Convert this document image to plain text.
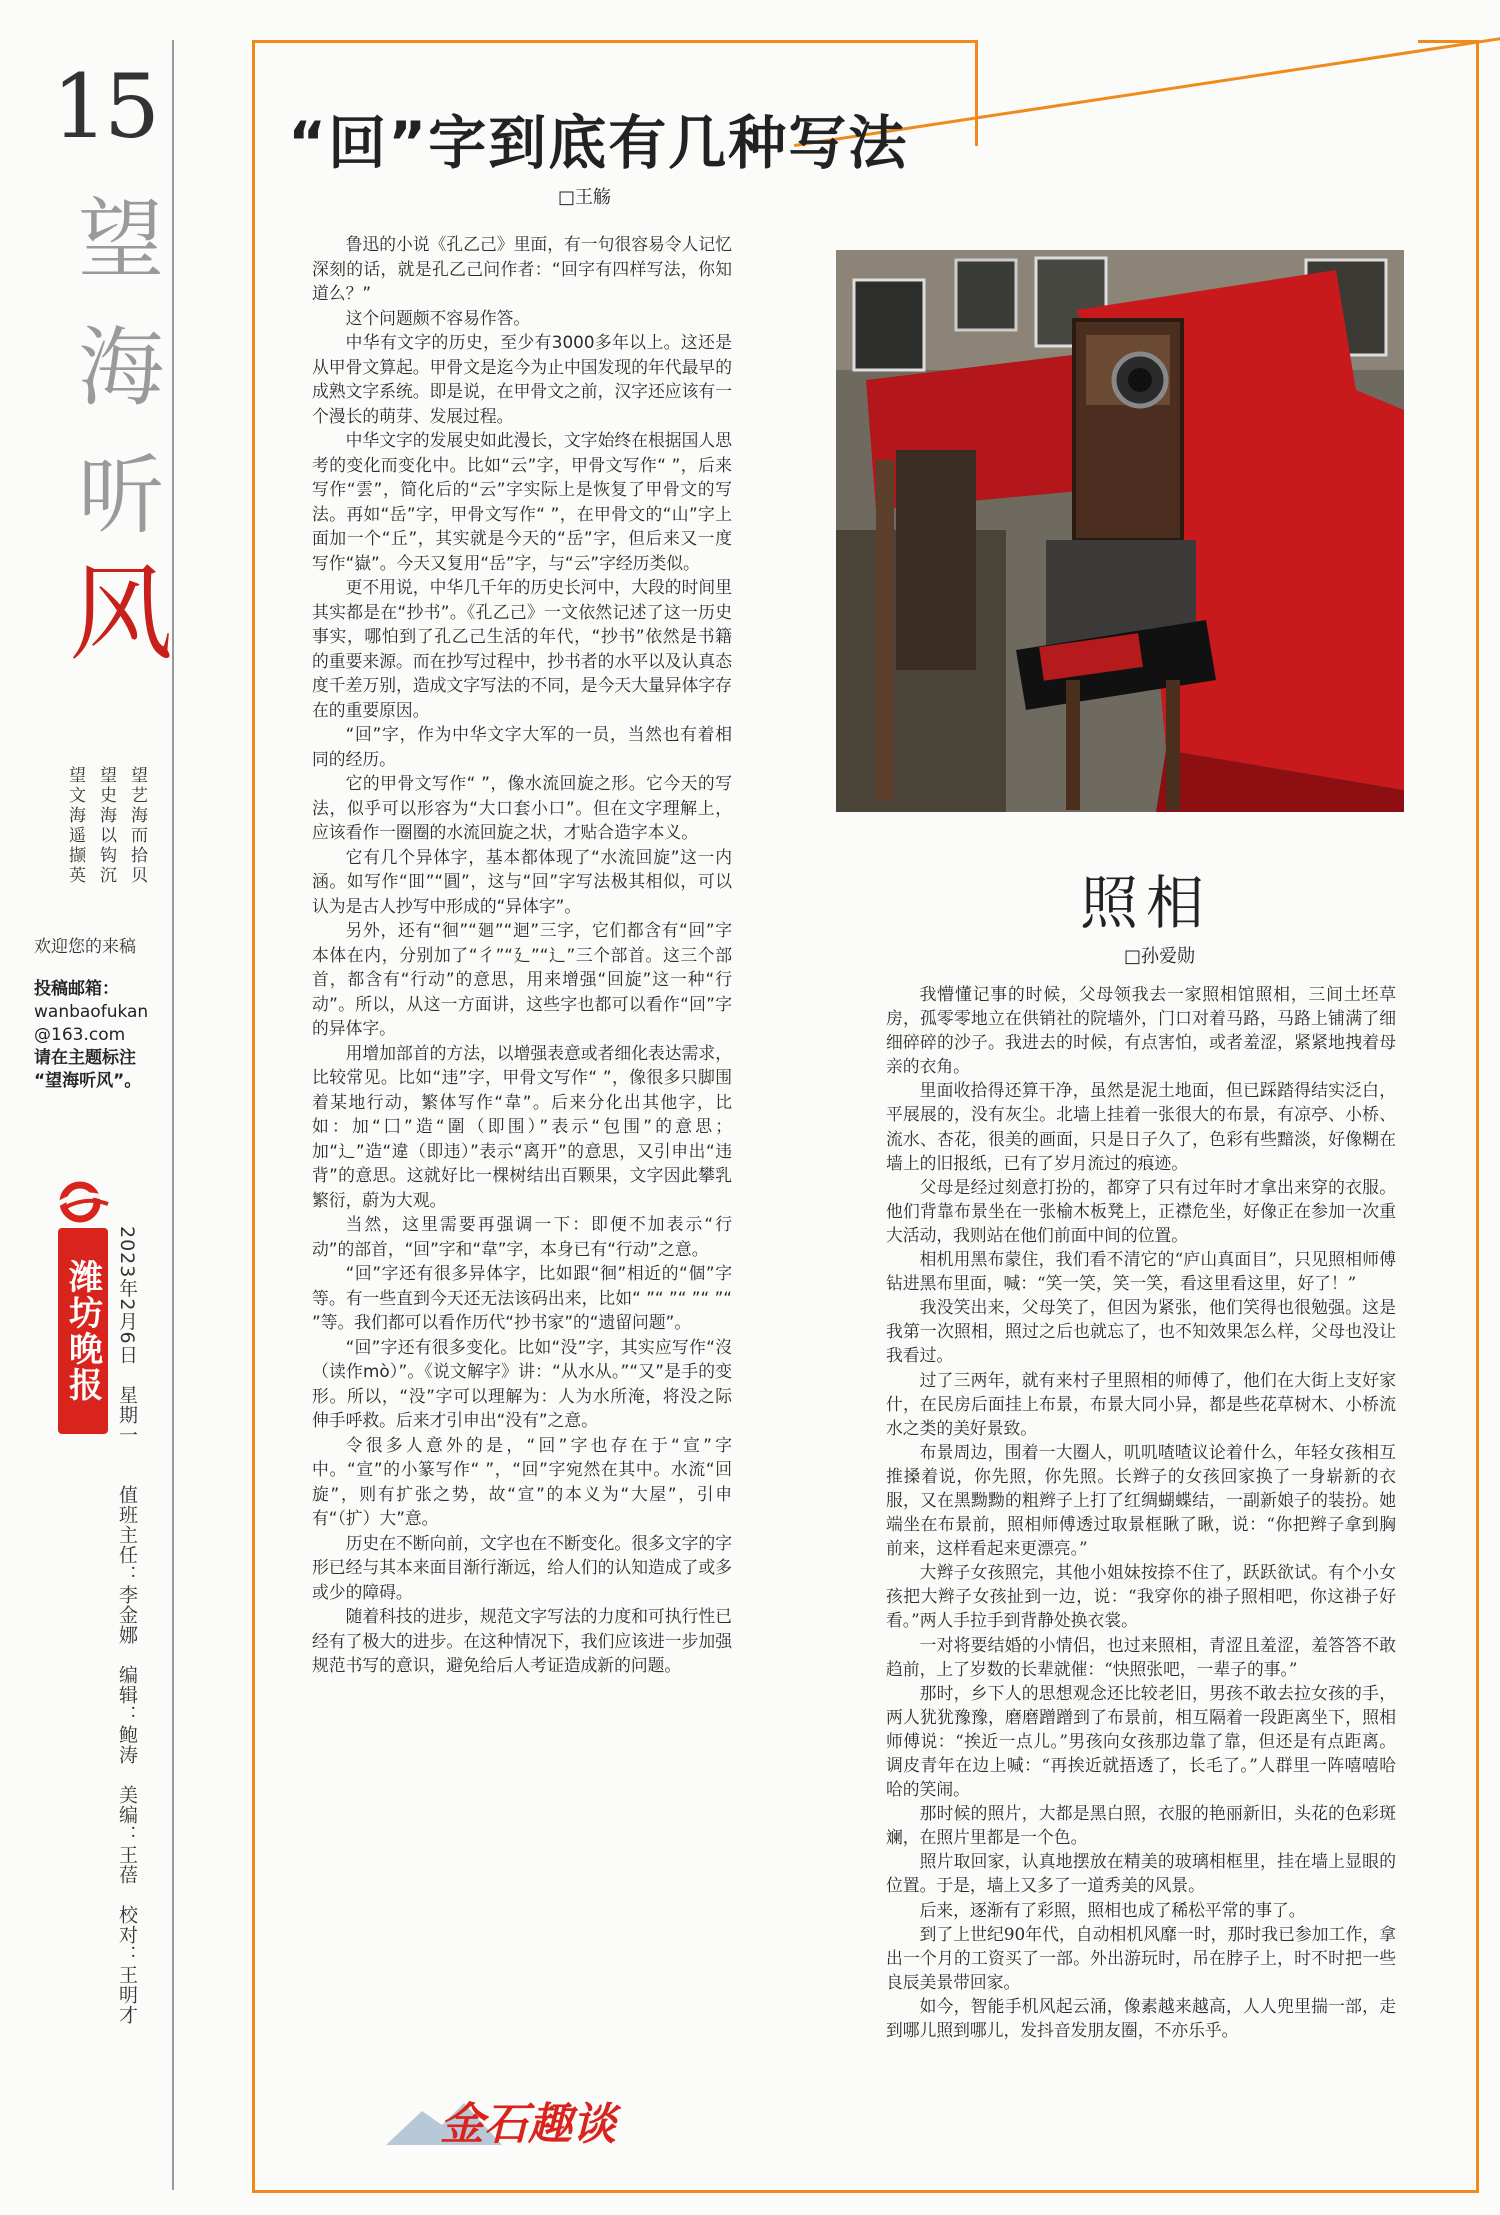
15
望
海
听
风
望文海遥撷英 望史海以钩沉 望艺海而拾贝
欢迎您的来稿
投稿邮箱：
wanbaofukan
@163.com
请在主题标注
“望海听风”。
潍坊晚报 2023年2月6日　星期一　　值班主任：李金娜　编辑：鲍涛　美编：王蓓　校对：王明才
“回”字到底有几种写法
□王觞

鲁迅的小说《孔乙己》里面，有一句很容易令人记忆深刻的话，就是孔乙己问作者：“回字有四样写法，你知道么？”

这个问题颇不容易作答。

中华有文字的历史，至少有3000多年以上。这还是从甲骨文算起。甲骨文是迄今为止中国发现的年代最早的成熟文字系统。即是说，在甲骨文之前，汉字还应该有一个漫长的萌芽、发展过程。

中华文字的发展史如此漫长，文字始终在根据国人思考的变化而变化中。比如“云”字，甲骨文写作“ ”，后来写作“雲”，简化后的“云”字实际上是恢复了甲骨文的写法。再如“岳”字，甲骨文写作“ ”，在甲骨文的“山”字上面加一个“丘”，其实就是今天的“岳”字，但后来又一度写作“嶽”。今天又复用“岳”字，与“云”字经历类似。

更不用说，中华几千年的历史长河中，大段的时间里其实都是在“抄书”。《孔乙己》一文依然记述了这一历史事实，哪怕到了孔乙己生活的年代，“抄书”依然是书籍的重要来源。而在抄写过程中，抄书者的水平以及认真态度千差万别，造成文字写法的不同，是今天大量异体字存在的重要原因。

“回”字，作为中华文字大军的一员，当然也有着相同的经历。

它的甲骨文写作“ ”，像水流回旋之形。它今天的写法，似乎可以形容为“大口套小口”。但在文字理解上，应该看作一圈圈的水流回旋之状，才贴合造字本义。

它有几个异体字，基本都体现了“水流回旋”这一内涵。如写作“囬”“圓”，这与“回”字写法极其相似，可以认为是古人抄写中形成的“异体字”。

另外，还有“徊”“廻”“迴”三字，它们都含有“回”字本体在内，分别加了“彳”“廴”“辶”三个部首。这三个部首，都含有“行动”的意思，用来增强“回旋”这一种“行动”。所以，从这一方面讲，这些字也都可以看作“回”字的异体字。

用增加部首的方法，以增强表意或者细化表达需求，比较常见。比如“违”字，甲骨文写作“ ”，像很多只脚围着某地行动，繁体写作“韋”。后来分化出其他字，比如：加“囗”造“圍（即围）”表示“包围”的意思；加“辶”造“違（即违）”表示“离开”的意思，又引申出“违背”的意思。这就好比一棵树结出百颗果，文字因此攀乳繁衍，蔚为大观。

当然，这里需要再强调一下：即便不加表示“行动”的部首，“回”字和“韋”字，本身已有“行动”之意。

“回”字还有很多异体字，比如跟“徊”相近的“個”字等。有一些直到今天还无法该码出来，比如“ ”“ ”“ ”“ ”“ ”等。我们都可以看作历代“抄书家”的“遗留问题”。

“回”字还有很多变化。比如“没”字，其实应写作“沒（读作mò）”。《说文解字》讲：“从水从。”“又”是手的变形。所以，“没”字可以理解为：人为水所淹，将没之际伸手呼救。后来才引申出“没有”之意。

令很多人意外的是，“回”字也存在于“宣”字中。“宣”的小篆写作“ ”，“回”字宛然在其中。水流“回旋”，则有扩张之势，故“宣”的本义为“大屋”，引申有“（扩）大”意。

历史在不断向前，文字也在不断变化。很多文字的字形已经与其本来面目渐行渐远，给人们的认知造成了或多或少的障碍。

随着科技的进步，规范文字写法的力度和可执行性已经有了极大的进步。在这种情况下，我们应该进一步加强规范书写的意识，避免给后人考证造成新的问题。

金石趣谈
照相
□孙爱勋

我懵懂记事的时候，父母领我去一家照相馆照相，三间土坯草房，孤零零地立在供销社的院墙外，门口对着马路，马路上铺满了细细碎碎的沙子。我进去的时候，有点害怕，或者羞涩，紧紧地拽着母亲的衣角。

里面收拾得还算干净，虽然是泥土地面，但已踩踏得结实泛白，平展展的，没有灰尘。北墙上挂着一张很大的布景，有凉亭、小桥、流水、杏花，很美的画面，只是日子久了，色彩有些黯淡，好像糊在墙上的旧报纸，已有了岁月流过的痕迹。

父母是经过刻意打扮的，都穿了只有过年时才拿出来穿的衣服。他们背靠布景坐在一张榆木板凳上，正襟危坐，好像正在参加一次重大活动，我则站在他们前面中间的位置。

相机用黑布蒙住，我们看不清它的“庐山真面目”，只见照相师傅钻进黑布里面，喊：“笑一笑，笑一笑，看这里看这里，好了！”

我没笑出来，父母笑了，但因为紧张，他们笑得也很勉强。这是我第一次照相，照过之后也就忘了，也不知效果怎么样，父母也没让我看过。

过了三两年，就有来村子里照相的师傅了，他们在大街上支好家什，在民房后面挂上布景，布景大同小异，都是些花草树木、小桥流水之类的美好景致。

布景周边，围着一大圈人，叽叽喳喳议论着什么，年轻女孩相互推搡着说，你先照，你先照。长辫子的女孩回家换了一身崭新的衣服，又在黑黝黝的粗辫子上打了红绸蝴蝶结，一副新娘子的装扮。她端坐在布景前，照相师傅透过取景框瞅了瞅，说：“你把辫子拿到胸前来，这样看起来更漂亮。”

大辫子女孩照完，其他小姐妹按捺不住了，跃跃欲试。有个小女孩把大辫子女孩扯到一边，说：“我穿你的褂子照相吧，你这褂子好看。”两人手拉手到背静处换衣裳。

一对将要结婚的小情侣，也过来照相，青涩且羞涩，羞答答不敢趋前，上了岁数的长辈就催：“快照张吧，一辈子的事。”

那时，乡下人的思想观念还比较老旧，男孩不敢去拉女孩的手，两人犹犹豫豫，磨磨蹭蹭到了布景前，相互隔着一段距离坐下，照相师傅说：“挨近一点儿。”男孩向女孩那边靠了靠，但还是有点距离。调皮青年在边上喊：“再挨近就捂透了，长毛了。”人群里一阵嘻嘻哈哈的笑闹。

那时候的照片，大都是黑白照，衣服的艳丽新旧，头花的色彩斑斓，在照片里都是一个色。

照片取回家，认真地摆放在精美的玻璃相框里，挂在墙上显眼的位置。于是，墙上又多了一道秀美的风景。

后来，逐渐有了彩照，照相也成了稀松平常的事了。

到了上世纪90年代，自动相机风靡一时，那时我已参加工作，拿出一个月的工资买了一部。外出游玩时，吊在脖子上，时不时把一些良辰美景带回家。

如今，智能手机风起云涌，像素越来越高，人人兜里揣一部，走到哪儿照到哪儿，发抖音发朋友圈，不亦乐乎。
